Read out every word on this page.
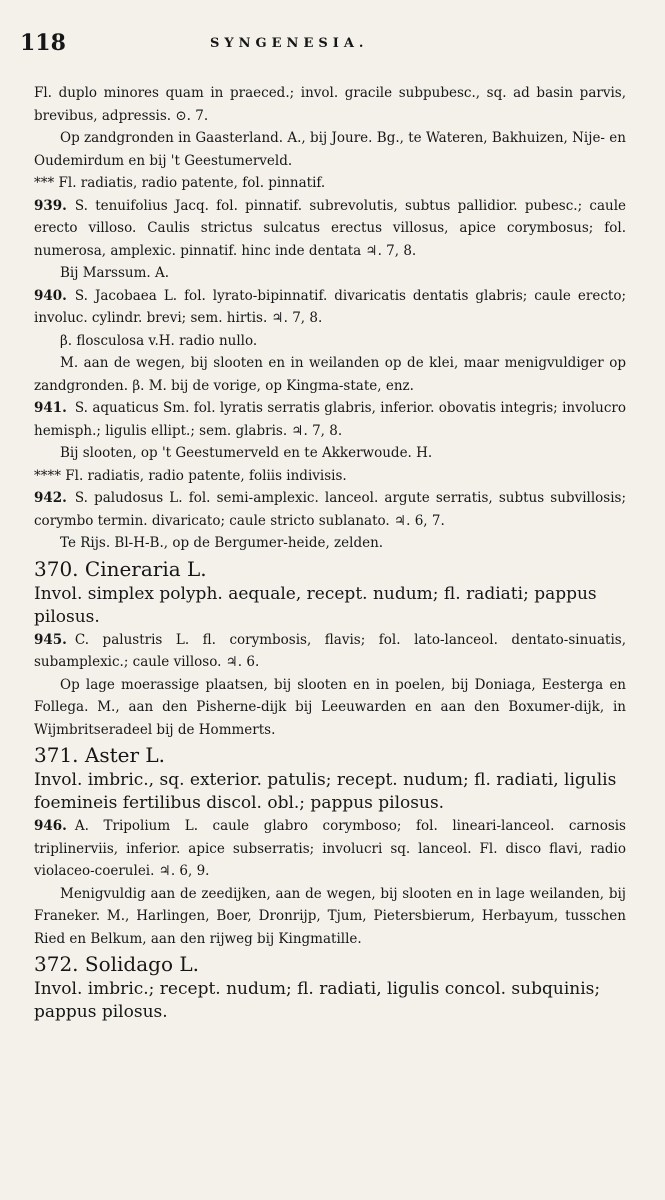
118	SYNGENESIA.

Fl. duplo minores quam in praeced.; invol. gracile subpubesc., sq. ad basin parvis, brevibus, adpressis. ⊙. 7.

Op zandgronden in Gaasterland. A., bij Joure. Bg., te Wateren, Bakhuizen, Nije- en Oudemirdum en bij 't Geestumerveld.

*** Fl. radiatis, radio patente, fol. pinnatif.

939. S. tenuifolius Jacq. fol. pinnatif. subrevolutis, subtus pallidior. pubesc.; caule erecto villoso. Caulis strictus sulcatus erectus villosus, apice corymbosus; fol. numerosa, amplexic. pinnatif. hinc inde dentata ♃. 7, 8.

Bij Marssum. A.

940. S. Jacobaea L. fol. lyrato-bipinnatif. divaricatis dentatis glabris; caule erecto; involuc. cylindr. brevi; sem. hirtis. ♃. 7, 8.

β. flosculosa v.H. radio nullo.

M. aan de wegen, bij slooten en in weilanden op de klei, maar menigvuldiger op zandgronden. β. M. bij de vorige, op Kingma-state, enz.

941. S. aquaticus Sm. fol. lyratis serratis glabris, inferior. obovatis integris; involucro hemisph.; ligulis ellipt.; sem. glabris. ♃. 7, 8.

Bij slooten, op 't Geestumerveld en te Akkerwoude. H.

**** Fl. radiatis, radio patente, foliis indivisis.

942. S. paludosus L. fol. semi-amplexic. lanceol. argute serratis, subtus subvillosis; corymbo termin. divaricato; caule stricto sublanato. ♃. 6, 7.

Te Rijs. Bl-H-B., op de Bergumer-heide, zelden.

370. Cineraria L.

Invol. simplex polyph. aequale, recept. nudum; fl. radiati; pappus pilosus.

945. C. palustris L. fl. corymbosis, flavis; fol. lato-lanceol. dentato-sinuatis, subamplexic.; caule villoso. ♃. 6.

Op lage moerassige plaatsen, bij slooten en in poelen, bij Doniaga, Eesterga en Follega. M., aan den Pisherne-dijk bij Leeuwarden en aan den Boxumer-dijk, in Wijmbritseradeel bij de Hommerts.

371. Aster L.

Invol. imbric., sq. exterior. patulis; recept. nudum; fl. radiati, ligulis foemineis fertilibus discol. obl.; pappus pilosus.

946. A. Tripolium L. caule glabro corymboso; fol. lineari-lanceol. carnosis triplinerviis, inferior. apice subserratis; involucri sq. lanceol. Fl. disco flavi, radio violaceo-coerulei. ♃. 6, 9.

Menigvuldig aan de zeedijken, aan de wegen, bij slooten en in lage weilanden, bij Franeker. M., Harlingen, Boer, Dronrijp, Tjum, Pietersbierum, Herbayum, tusschen Ried en Belkum, aan den rijweg bij Kingmatille.

372. Solidago L.

Invol. imbric.; recept. nudum; fl. radiati, ligulis concol. subquinis; pappus pilosus.
